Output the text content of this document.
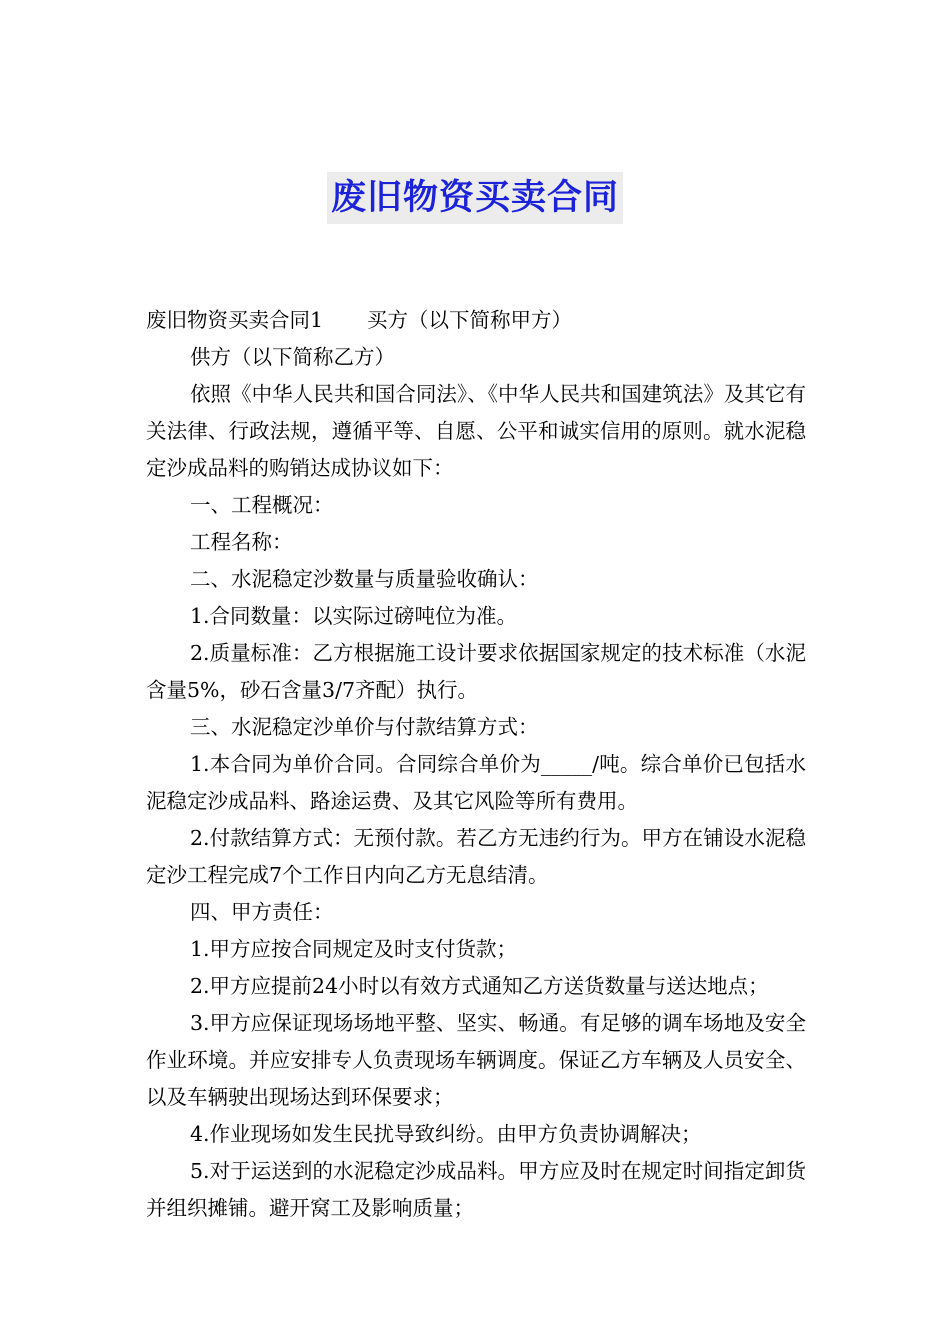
废旧物资买卖合同

废旧物资买卖合同1 买方（以下简称甲方）

供方（以下简称乙方）

依照《中华人民共和国合同法》、《中华人民共和国建筑法》及其它有关法律、行政法规，遵循平等、自愿、公平和诚实信用的原则。就水泥稳定沙成品料的购销达成协议如下：

一、工程概况：

工程名称：

二、水泥稳定沙数量与质量验收确认：

1.合同数量：以实际过磅吨位为准。

2.质量标准：乙方根据施工设计要求依据国家规定的技术标准（水泥含量5%，砂石含量3/7齐配）执行。

三、水泥稳定沙单价与付款结算方式：

1.本合同为单价合同。合同综合单价为_____/吨。综合单价已包括水泥稳定沙成品料、路途运费、及其它风险等所有费用。

2.付款结算方式：无预付款。若乙方无违约行为。甲方在铺设水泥稳定沙工程完成7个工作日内向乙方无息结清。

四、甲方责任：

1.甲方应按合同规定及时支付货款；

2.甲方应提前24小时以有效方式通知乙方送货数量与送达地点；

3.甲方应保证现场场地平整、坚实、畅通。有足够的调车场地及安全作业环境。并应安排专人负责现场车辆调度。保证乙方车辆及人员安全、以及车辆驶出现场达到环保要求；

4.作业现场如发生民扰导致纠纷。由甲方负责协调解决；

5.对于运送到的水泥稳定沙成品料。甲方应及时在规定时间指定卸货并组织摊铺。避开窝工及影响质量；
